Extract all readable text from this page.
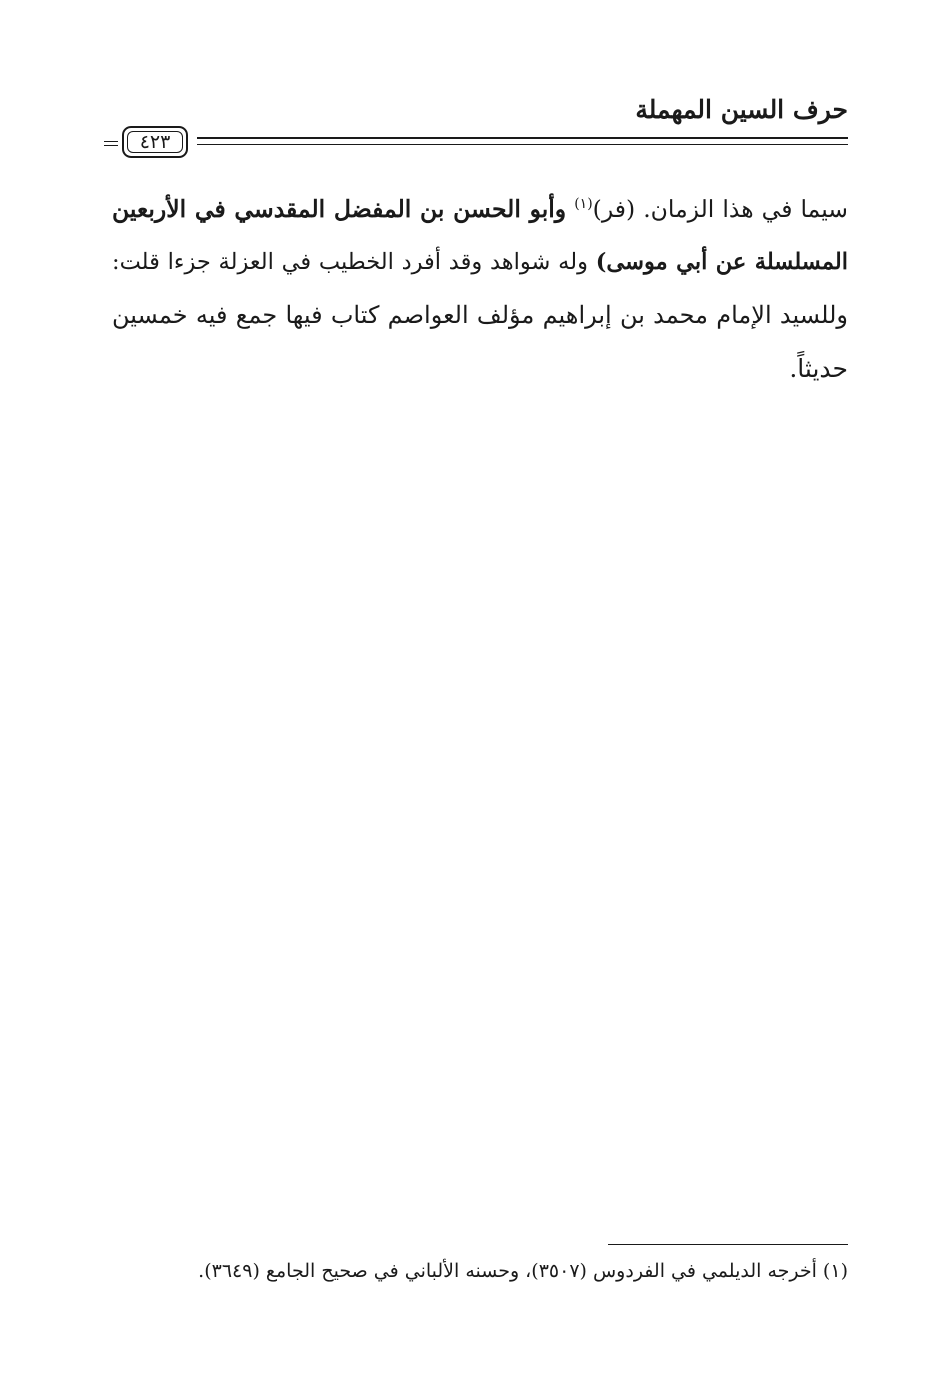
حرف السين المهملة
٤٢٣
سيما في هذا الزمان. (فر)$^{(١)}$ وأبو الحسن بن المفضل المقدسي في الأربعين
المسلسلة عن أبي موسى) وله شواهد وقد أفرد الخطيب في العزلة جزءا قلت:
وللسيد الإمام محمد بن إبراهيم مؤلف العواصم كتاب فيها جمع فيه خمسين
حديثاً.
(١) أخرجه الديلمي في الفردوس (٣٥٠٧)، وحسنه الألباني في صحيح الجامع (٣٦٤٩).
